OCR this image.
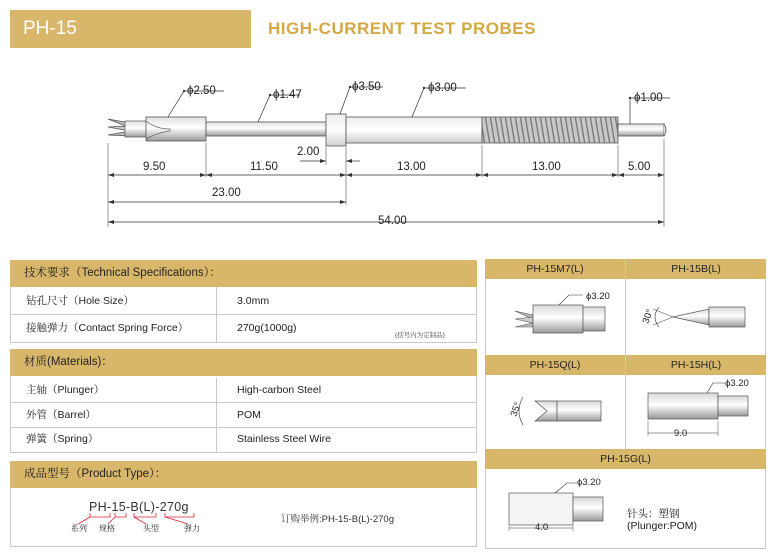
PH-15	HIGH-CURRENT TEST PROBES
ϕ2.50	ϕ1.47
ϕ3.50	ϕ3.00
ϕ1.00
9.50	11.50
2.00
13.00	13.00	5.00
23.00
54.00
技术要求（Technical Specifications）：
钻孔尺寸（Hole Size）	3.0mm
接触弹力（Contact Spring Force）	270g(1000g)
(括号内为定制品)
材质(Materials)：
主轴（Plunger）	High-carbon Steel
外管（Barrel）	POM
弹簧（Spring）	Stainless Steel Wire
成品型号（Product Type）：
PH-15-B(L)-270g
系列 规格	头型	弹力
订购举例:PH-15-B(L)-270g
PH-15M7(L)	PH-15B(L)
PH-15Q(L)	PH-15H(L)
PH-15G(L)
ϕ3.20
30°
35°
ϕ3.20
9.0
ϕ3.20
4.0
针头：塑钢
(Plunger:POM)
